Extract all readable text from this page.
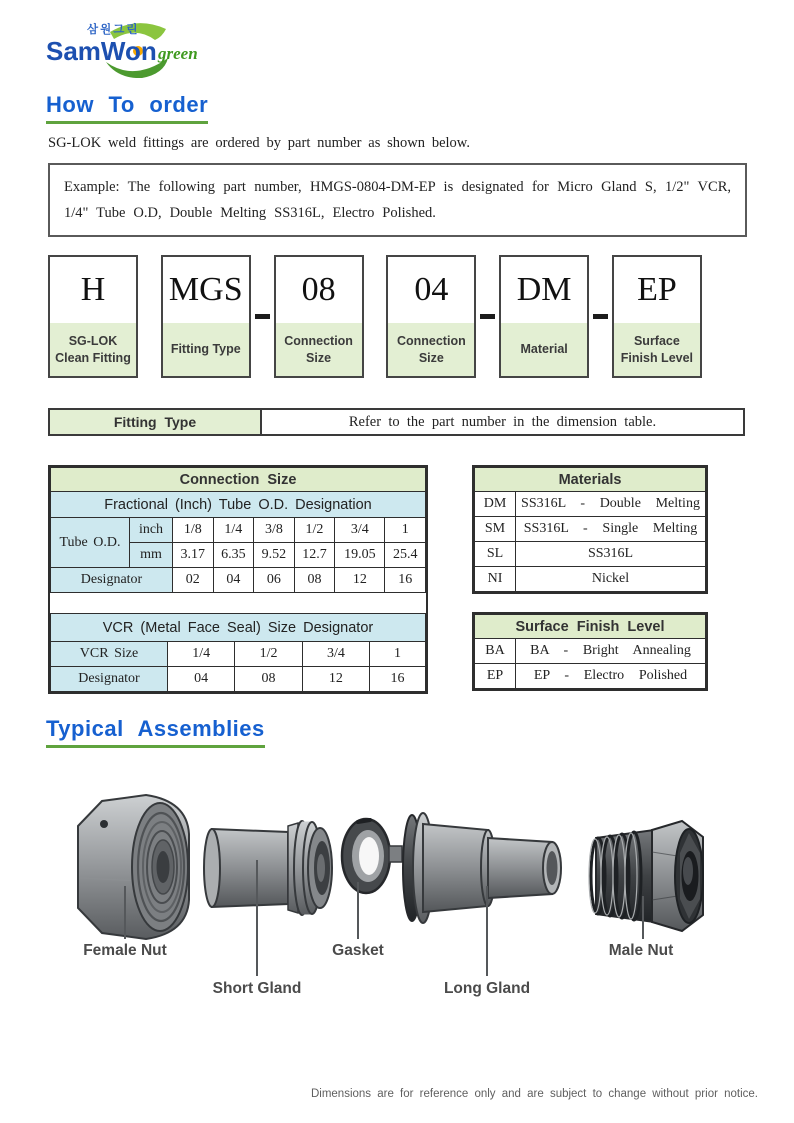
삼원그린
SamWon green
How To order
SG-LOK weld fittings are ordered by part number as shown below.
Example: The following part number, HMGS-0804-DM-EP is designated for Micro Gland S, 1/2" VCR, 1/4" Tube O.D, Double Melting SS316L, Electro Polished.
H
SG-LOK Clean Fitting
MGS
Fitting Type
08
Connection Size
04
Connection Size
DM
Material
EP
Surface Finish Level
Fitting Type	Refer to the part number in the dimension table.
Connection Size							
Fractional (Inch) Tube O.D. Designation							
Tube O.D.	inch	1/8	1/4	3/8	1/2	3/4	1
	mm	3.17	6.35	9.52	12.7	19.05	25.4
Designator		02	04	06	08	12	16
VCR (Metal Face Seal) Size Designator				
VCR Size	1/4	1/2	3/4	1
Designator	04	08	12	16
Materials	
DM	SS316L - Double Melting
SM	SS316L - Single Melting
SL	SS316L
NI	Nickel
Surface Finish Level	
BA	BA - Bright Annealing
EP	EP - Electro Polished
Typical Assemblies
Female Nut
Short Gland
Gasket
Long Gland
Male Nut
Dimensions are for reference only and are subject to change without prior notice.
